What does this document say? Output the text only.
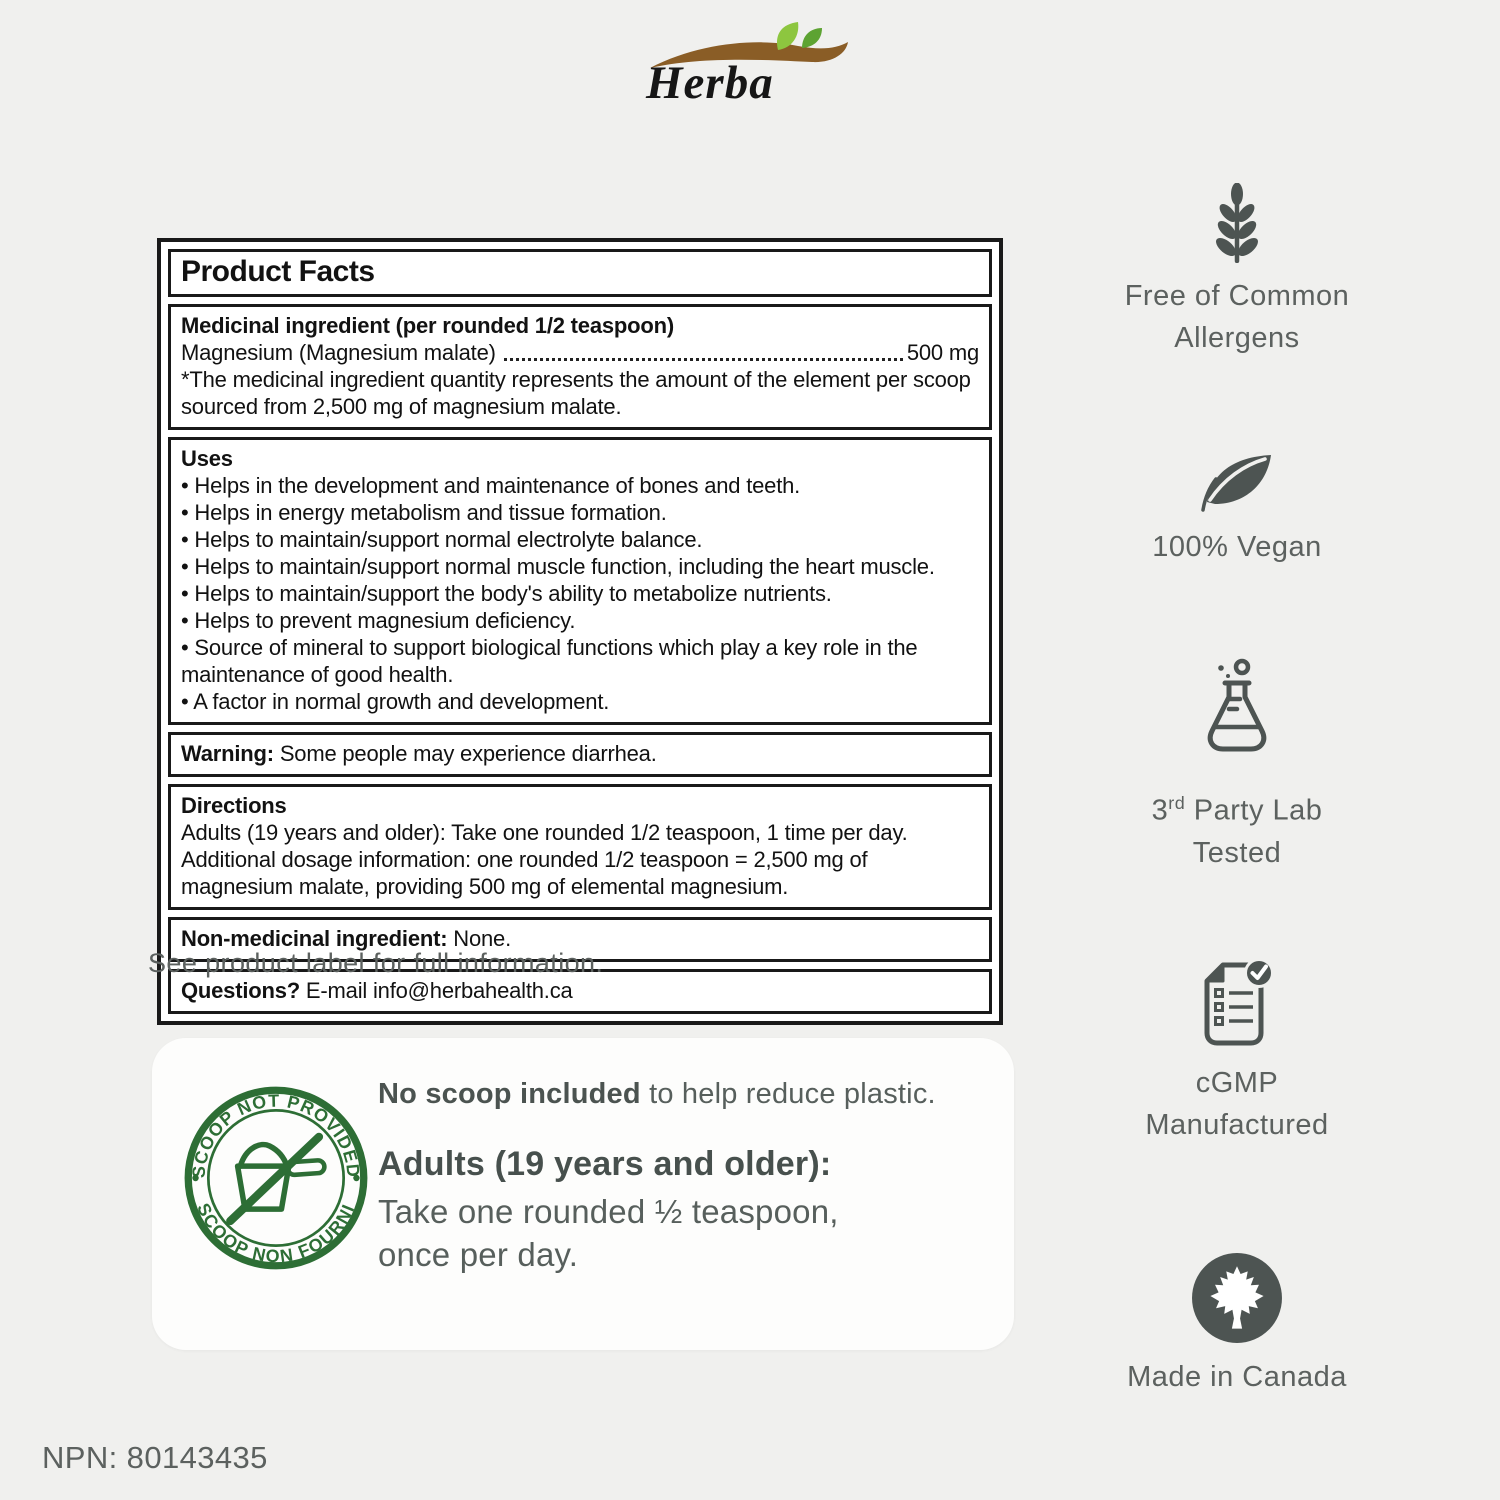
Herba
Product Facts
Medicinal ingredient (per rounded 1/2 teaspoon)
Magnesium (Magnesium malate)	500 mg
*The medicinal ingredient quantity represents the amount of the element per scoop sourced from 2,500 mg of magnesium malate.
Uses
• Helps in the development and maintenance of bones and teeth.
• Helps in energy metabolism and tissue formation.
• Helps to maintain/support normal electrolyte balance.
• Helps to maintain/support normal muscle function, including the heart muscle.
• Helps to maintain/support the body's ability to metabolize nutrients.
• Helps to prevent magnesium deficiency.
• Source of mineral to support biological functions which play a key role in the maintenance of good health.
• A factor in normal growth and development.
Warning: Some people may experience diarrhea.
Directions
Adults (19 years and older): Take one rounded 1/2 teaspoon, 1 time per day.
Additional dosage information: one rounded 1/2 teaspoon = 2,500 mg of magnesium malate, providing 500 mg of elemental magnesium.
Non-medicinal ingredient: None.
Questions? E-mail info@herbahealth.ca
See product label for full information.
SCOOP NOT PROVIDED
SCOOP NON FOURNI
No scoop included to help reduce plastic.
Adults (19 years and older):
Take one rounded ½ teaspoon,
once per day.
Free of Common
Allergens
100% Vegan
3rd Party Lab
Tested
cGMP
Manufactured
Made in Canada
NPN: 80143435
